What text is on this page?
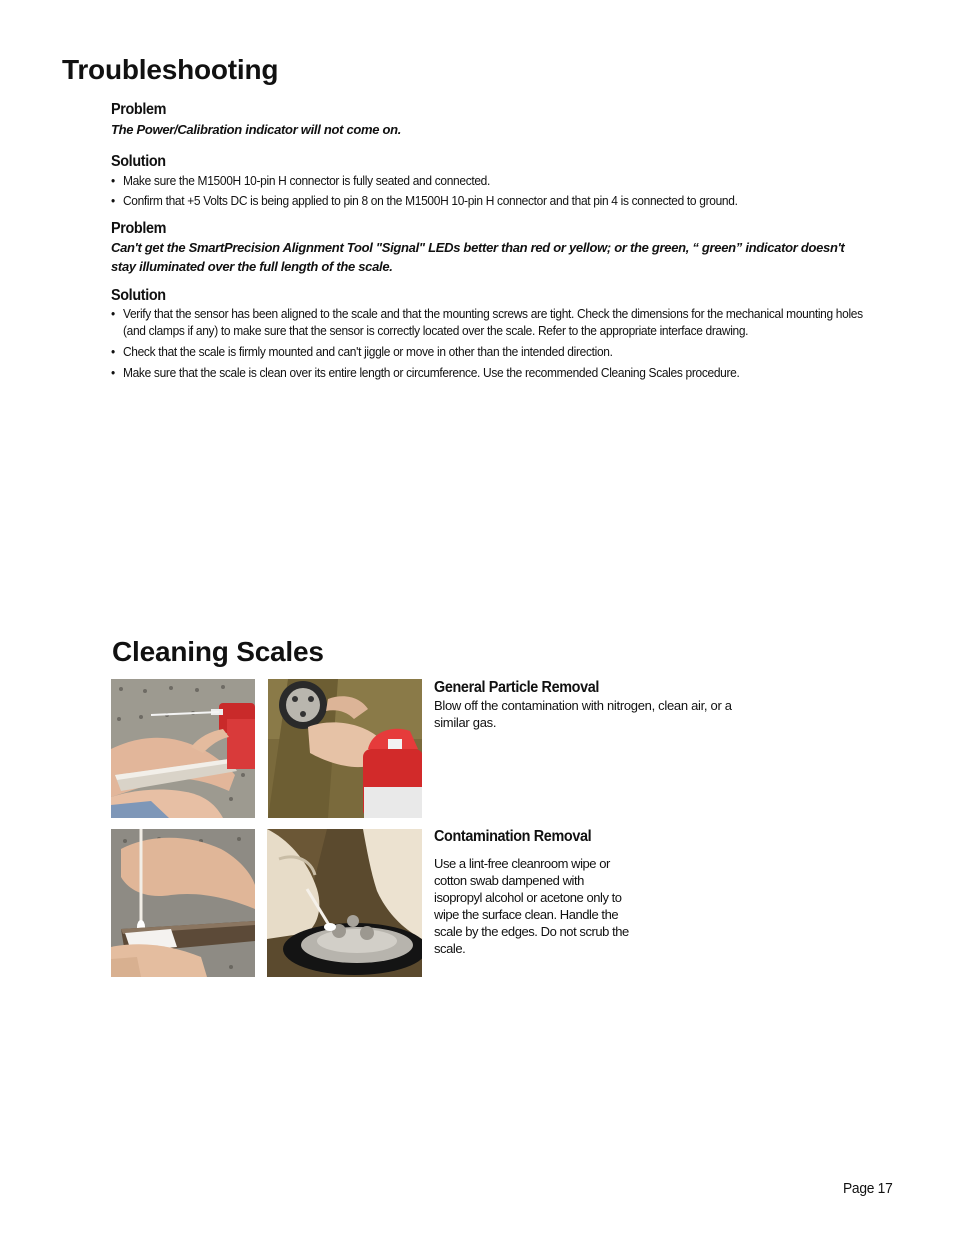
Troubleshooting
Problem
The Power/Calibration indicator will not come on.
Solution
• Make sure the M1500H 10-pin H connector is fully seated and connected.
• Confirm that +5 Volts DC is being applied to pin 8 on the M1500H 10-pin H connector and that pin 4 is connected to ground.
Problem
Can't get the SmartPrecision Alignment Tool "Signal" LEDs better than red or yellow; or the green, “ green” indicator doesn't stay illuminated over the full length of the scale.
Solution
• Verify that the sensor has been aligned to the scale and that the mounting screws are tight. Check the dimensions for the mechanical mounting holes (and clamps if any) to make sure that the sensor is correctly located over the scale. Refer to the appropriate interface drawing.
• Check that the scale is firmly mounted and can't jiggle or move in other than the intended direction.
• Make sure that the scale is clean over its entire length or circumference. Use the recommended Cleaning Scales procedure.
Cleaning Scales
General Particle Removal
Blow off the contamination with nitrogen, clean air, or a similar gas.
Contamination Removal
Use a lint-free cleanroom wipe or cotton swab dampened with isopropyl alcohol or acetone only to wipe the surface clean. Handle the scale by the edges. Do not scrub the scale.
Page 17
